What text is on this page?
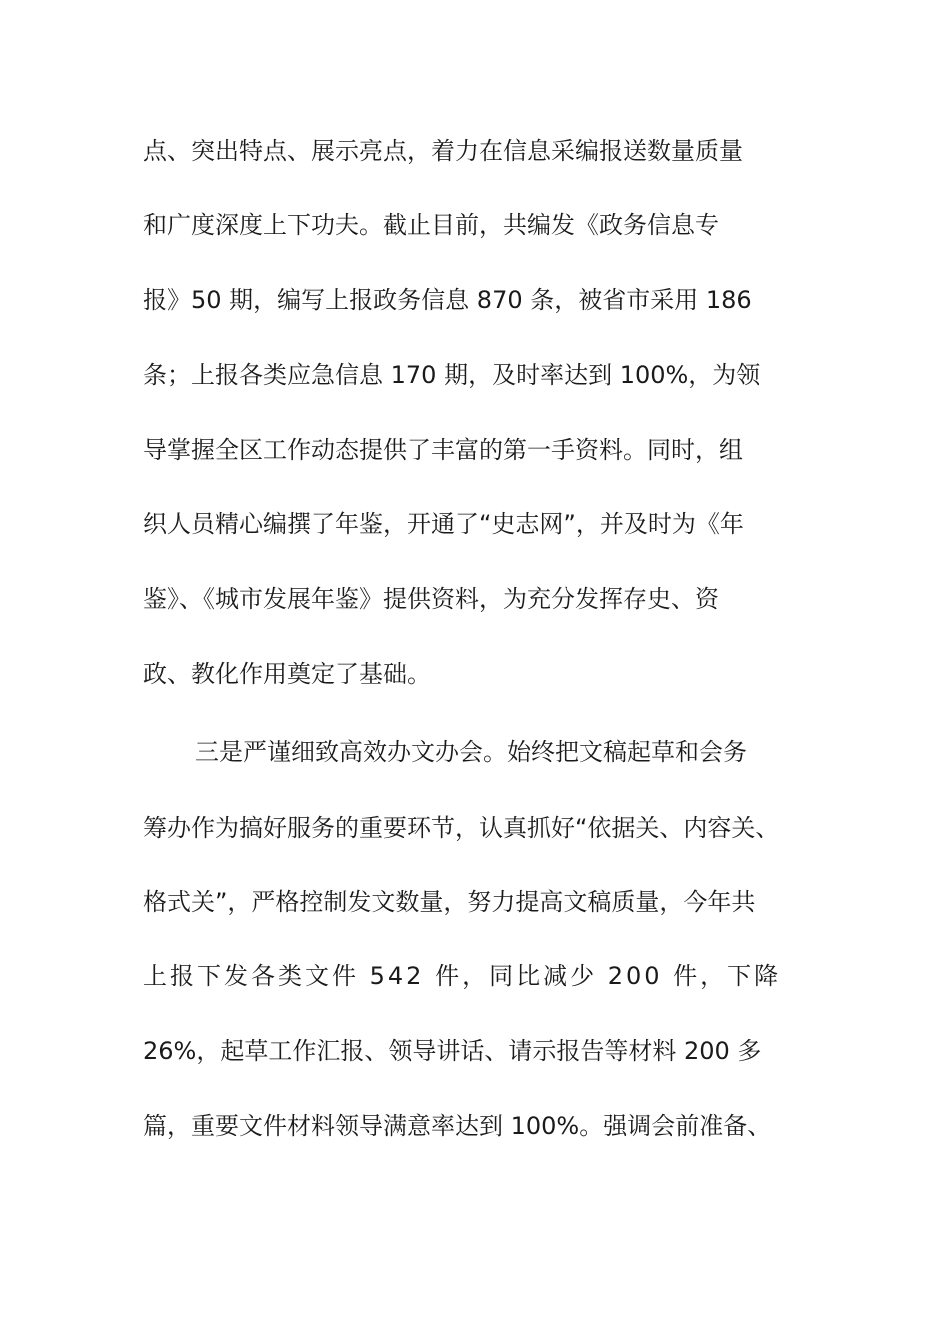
点、突出特点、展示亮点，着力在信息采编报送数量质量
和广度深度上下功夫。截止目前，共编发《政务信息专
报》50 期，编写上报政务信息 870 条，被省市采用 186
条；上报各类应急信息 170 期，及时率达到 100%，为领
导掌握全区工作动态提供了丰富的第一手资料。同时，组
织人员精心编撰了年鉴，开通了“史志网”，并及时为《年
鉴》、《城市发展年鉴》提供资料，为充分发挥存史、资
政、教化作用奠定了基础。
三是严谨细致高效办文办会。始终把文稿起草和会务
筹办作为搞好服务的重要环节，认真抓好“依据关、内容关、
格式关”，严格控制发文数量，努力提高文稿质量，今年共
上报下发各类文件 542 件，同比减少 200 件，下降
26%，起草工作汇报、领导讲话、请示报告等材料 200 多
篇，重要文件材料领导满意率达到 100%。强调会前准备、
